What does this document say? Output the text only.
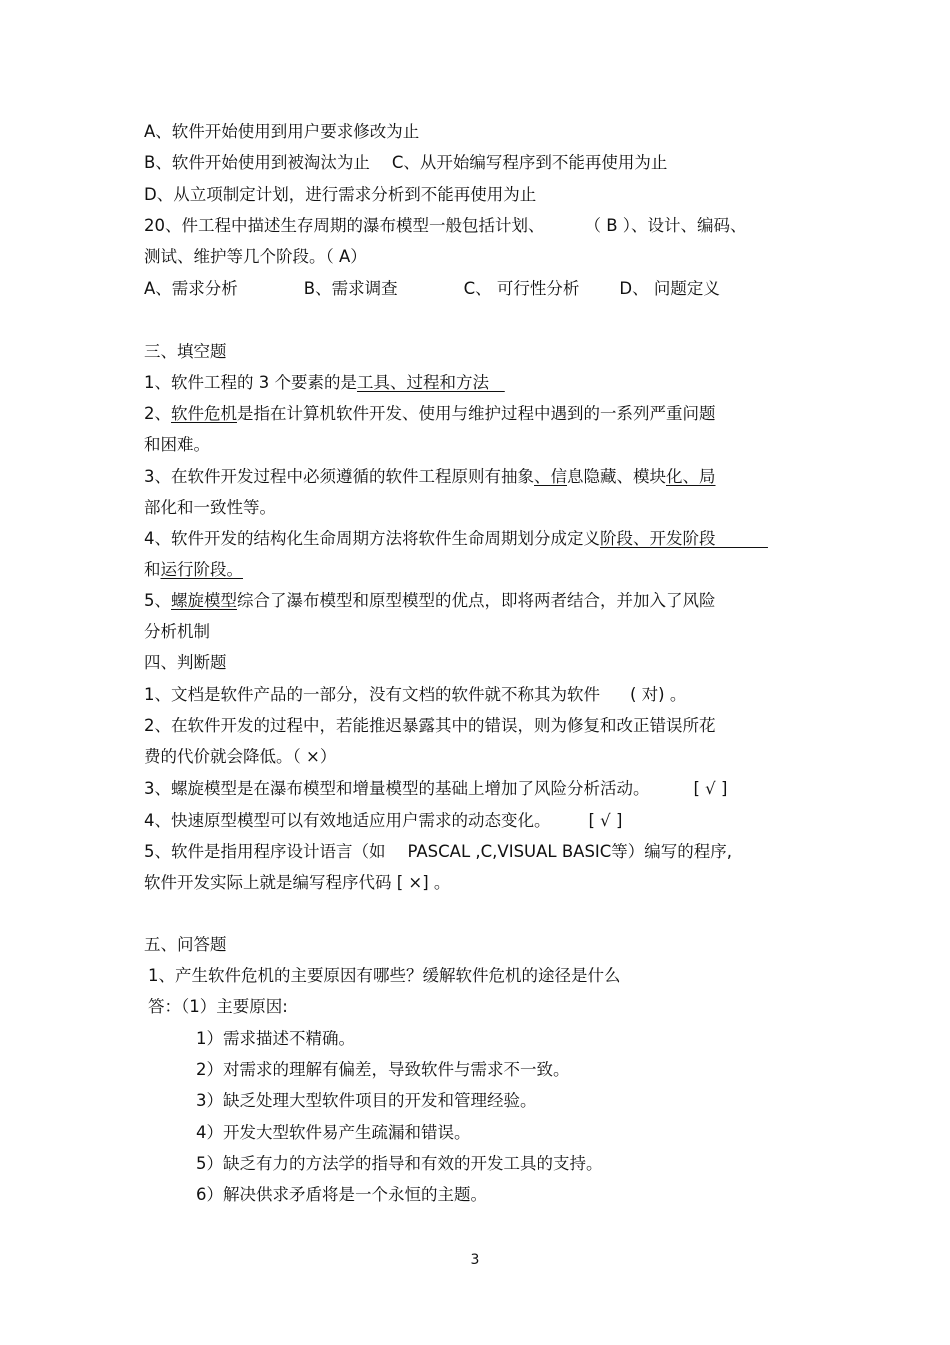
A、软件开始使用到用户要求修改为止
B、软件开始使用到被淘汰为止 C、从开始编写程序到不能再使用为止
D、从立项制定计划，进行需求分析到不能再使用为止
20、件工程中描述生存周期的瀑布模型一般包括计划、 （ B ）、设计、编码、
测试、维护等几个阶段。（ A）
A、需求分析	B、需求调查	C、 可行性分析 D、 问题定义
三、填空题
1、软件工程的 3 个要素的是工具、过程和方法
2、软件危机是指在计算机软件开发、使用与维护过程中遇到的一系列严重问题
和困难。
3、在软件开发过程中必须遵循的软件工程原则有抽象、信息隐藏、模块化、局
部化和一致性等。
4、软件开发的结构化生命周期方法将软件生命周期划分成定义阶段、开发阶段
和运行阶段。
5、螺旋模型综合了瀑布模型和原型模型的优点，即将两者结合，并加入了风险
分析机制
四、判断题
1、文档是软件产品的一部分，没有文档的软件就不称其为软件 ( 对) 。
2、在软件开发的过程中，若能推迟暴露其中的错误，则为修复和改正错误所花
费的代价就会降低。（ ×）
3、螺旋模型是在瀑布模型和增量模型的基础上增加了风险分析活动。	[ √ ]
4、快速原型模型可以有效地适应用户需求的动态变化。 [ √ ]
5、软件是指用程序设计语言（如 PASCAL ,C,VISUAL BASIC等）编写的程序,
软件开发实际上就是编写程序代码 [ ×] 。
五、问答题
1、产生软件危机的主要原因有哪些？缓解软件危机的途径是什么
答：（1）主要原因:
1）需求描述不精确。
2）对需求的理解有偏差，导致软件与需求不一致。
3）缺乏处理大型软件项目的开发和管理经验。
4）开发大型软件易产生疏漏和错误。
5）缺乏有力的方法学的指导和有效的开发工具的支持。
6）解决供求矛盾将是一个永恒的主题。
3
